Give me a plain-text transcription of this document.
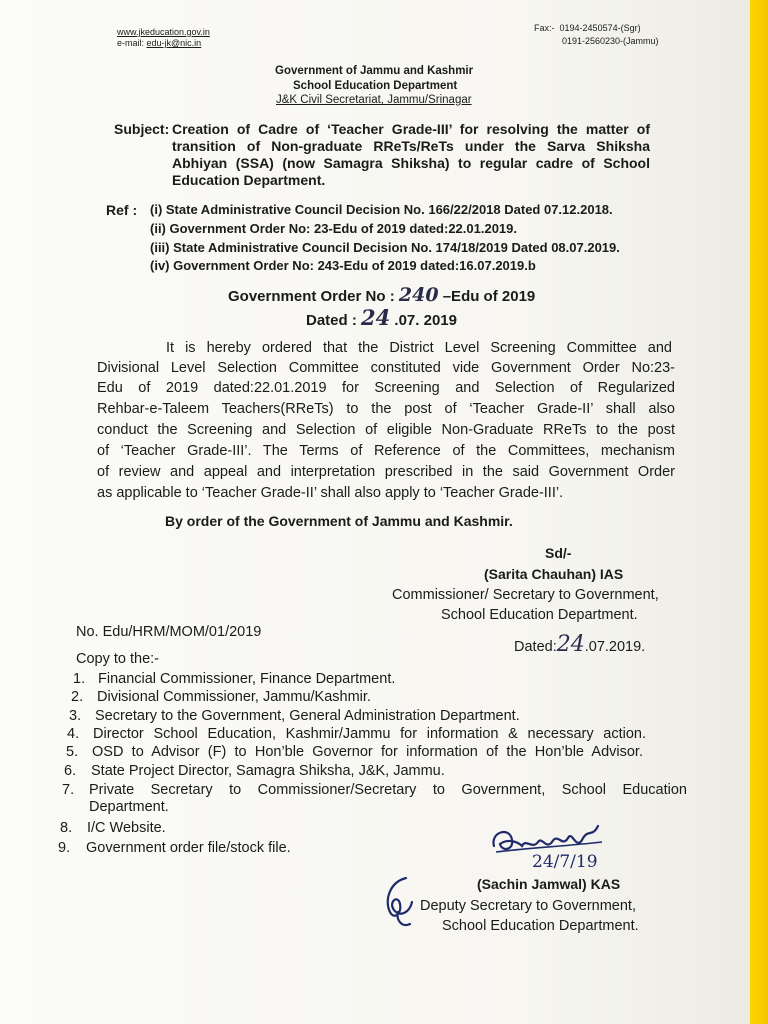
www.jkeducation.gov.in
e-mail: edu-jk@nic.in
Fax:- 0194-2450574-(Sgr)
0191-2560230-(Jammu)
Government of Jammu and Kashmir
School Education Department
J&K Civil Secretariat, Jammu/Srinagar
Subject: Creation of Cadre of ‘Teacher Grade-III’ for resolving the matter of
transition of Non-graduate RReTs/ReTs under the Sarva Shiksha
Abhiyan (SSA) (now Samagra Shiksha) to regular cadre of School
Education Department.
Ref : (i) State Administrative Council Decision No. 166/22/2018 Dated 07.12.2018.
(ii) Government Order No: 23-Edu of 2019 dated:22.01.2019.
(iii) State Administrative Council Decision No. 174/18/2019 Dated 08.07.2019.
(iv) Government Order No: 243-Edu of 2019 dated:16.07.2019.b
Government Order No : 240 –Edu of 2019
Dated : 24 .07. 2019
It is hereby ordered that the District Level Screening Committee and
Divisional Level Selection Committee constituted vide Government Order No:23-
Edu of 2019 dated:22.01.2019 for Screening and Selection of Regularized
Rehbar-e-Taleem Teachers(RReTs) to the post of ‘Teacher Grade-II’ shall also
conduct the Screening and Selection of eligible Non-Graduate RReTs to the post
of ‘Teacher Grade-III’. The Terms of Reference of the Committees, mechanism
of review and appeal and interpretation prescribed in the said Government Order
as applicable to ‘Teacher Grade-II’ shall also apply to ‘Teacher Grade-III’.
By order of the Government of Jammu and Kashmir.
Sd/-
(Sarita Chauhan) IAS
Commissioner/ Secretary to Government,
School Education Department.
No. Edu/HRM/MOM/01/2019
Dated:24.07.2019.
Copy to the:-
1. Financial Commissioner, Finance Department.
2. Divisional Commissioner, Jammu/Kashmir.
3. Secretary to the Government, General Administration Department.
4. Director School Education, Kashmir/Jammu for information & necessary action.
5. OSD to Advisor (F) to Hon’ble Governor for information of the Hon’ble Advisor.
6. State Project Director, Samagra Shiksha, J&K, Jammu.
7. Private Secretary to Commissioner/Secretary to Government, School Education
Department.
8. I/C Website.
9. Government order file/stock file.
24/7/19
(Sachin Jamwal) KAS
Deputy Secretary to Government,
School Education Department.
